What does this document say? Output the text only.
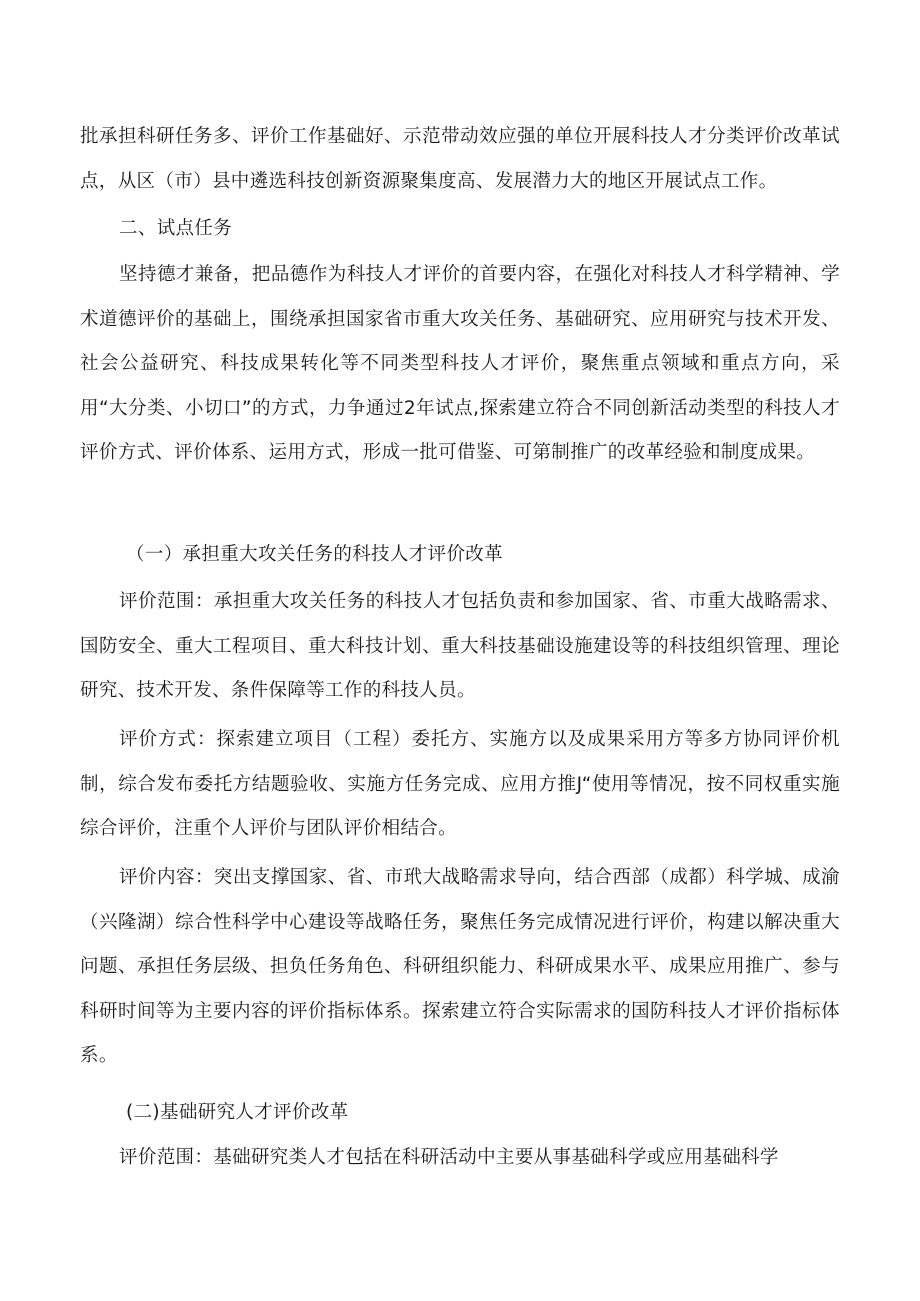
批承担科研任务多、评价工作基础好、示范带动效应强的单位开展科技人才分类评价改革试点，从区（市）县中遴选科技创新资源聚集度高、发展潜力大的地区开展试点工作。

二、试点任务

坚持德才兼备，把品德作为科技人才评价的首要内容，在强化对科技人才科学精神、学术道德评价的基础上，围绕承担国家省市重大攻关任务、基础研究、应用研究与技术开发、社会公益研究、科技成果转化等不同类型科技人才评价，聚焦重点领域和重点方向，采用“大分类、小切口”的方式，力争通过2年试点,探索建立符合不同创新活动类型的科技人才评价方式、评价体系、运用方式，形成一批可借鉴、可第制推广的改革经验和制度成果。

（一）承担重大攻关任务的科技人才评价改革

评价范围：承担重大攻关任务的科技人才包括负责和参加国家、省、市重大战略需求、国防安全、重大工程项目、重大科技计划、重大科技基础设施建设等的科技组织管理、理论研究、技术开发、条件保障等工作的科技人员。

评价方式：探索建立项目（工程）委托方、实施方以及成果采用方等多方协同评价机制，综合发布委托方结题验收、实施方任务完成、应用方推J“使用等情况，按不同权重实施综合评价，注重个人评价与团队评价相结合。

评价内容：突出支撑国家、省、市玳大战略需求导向，结合西部（成都）科学城、成渝（兴隆湖）综合性科学中心建设等战略任务，聚焦任务完成情况进行评价，构建以解决重大问题、承担任务层级、担负任务角色、科研组织能力、科研成果水平、成果应用推广、参与科研时间等为主要内容的评价指标体系。探索建立符合实际需求的国防科技人才评价指标体系。

(二)基础研究人才评价改革

评价范围：基础研究类人才包括在科研活动中主要从事基础科学或应用基础科学
